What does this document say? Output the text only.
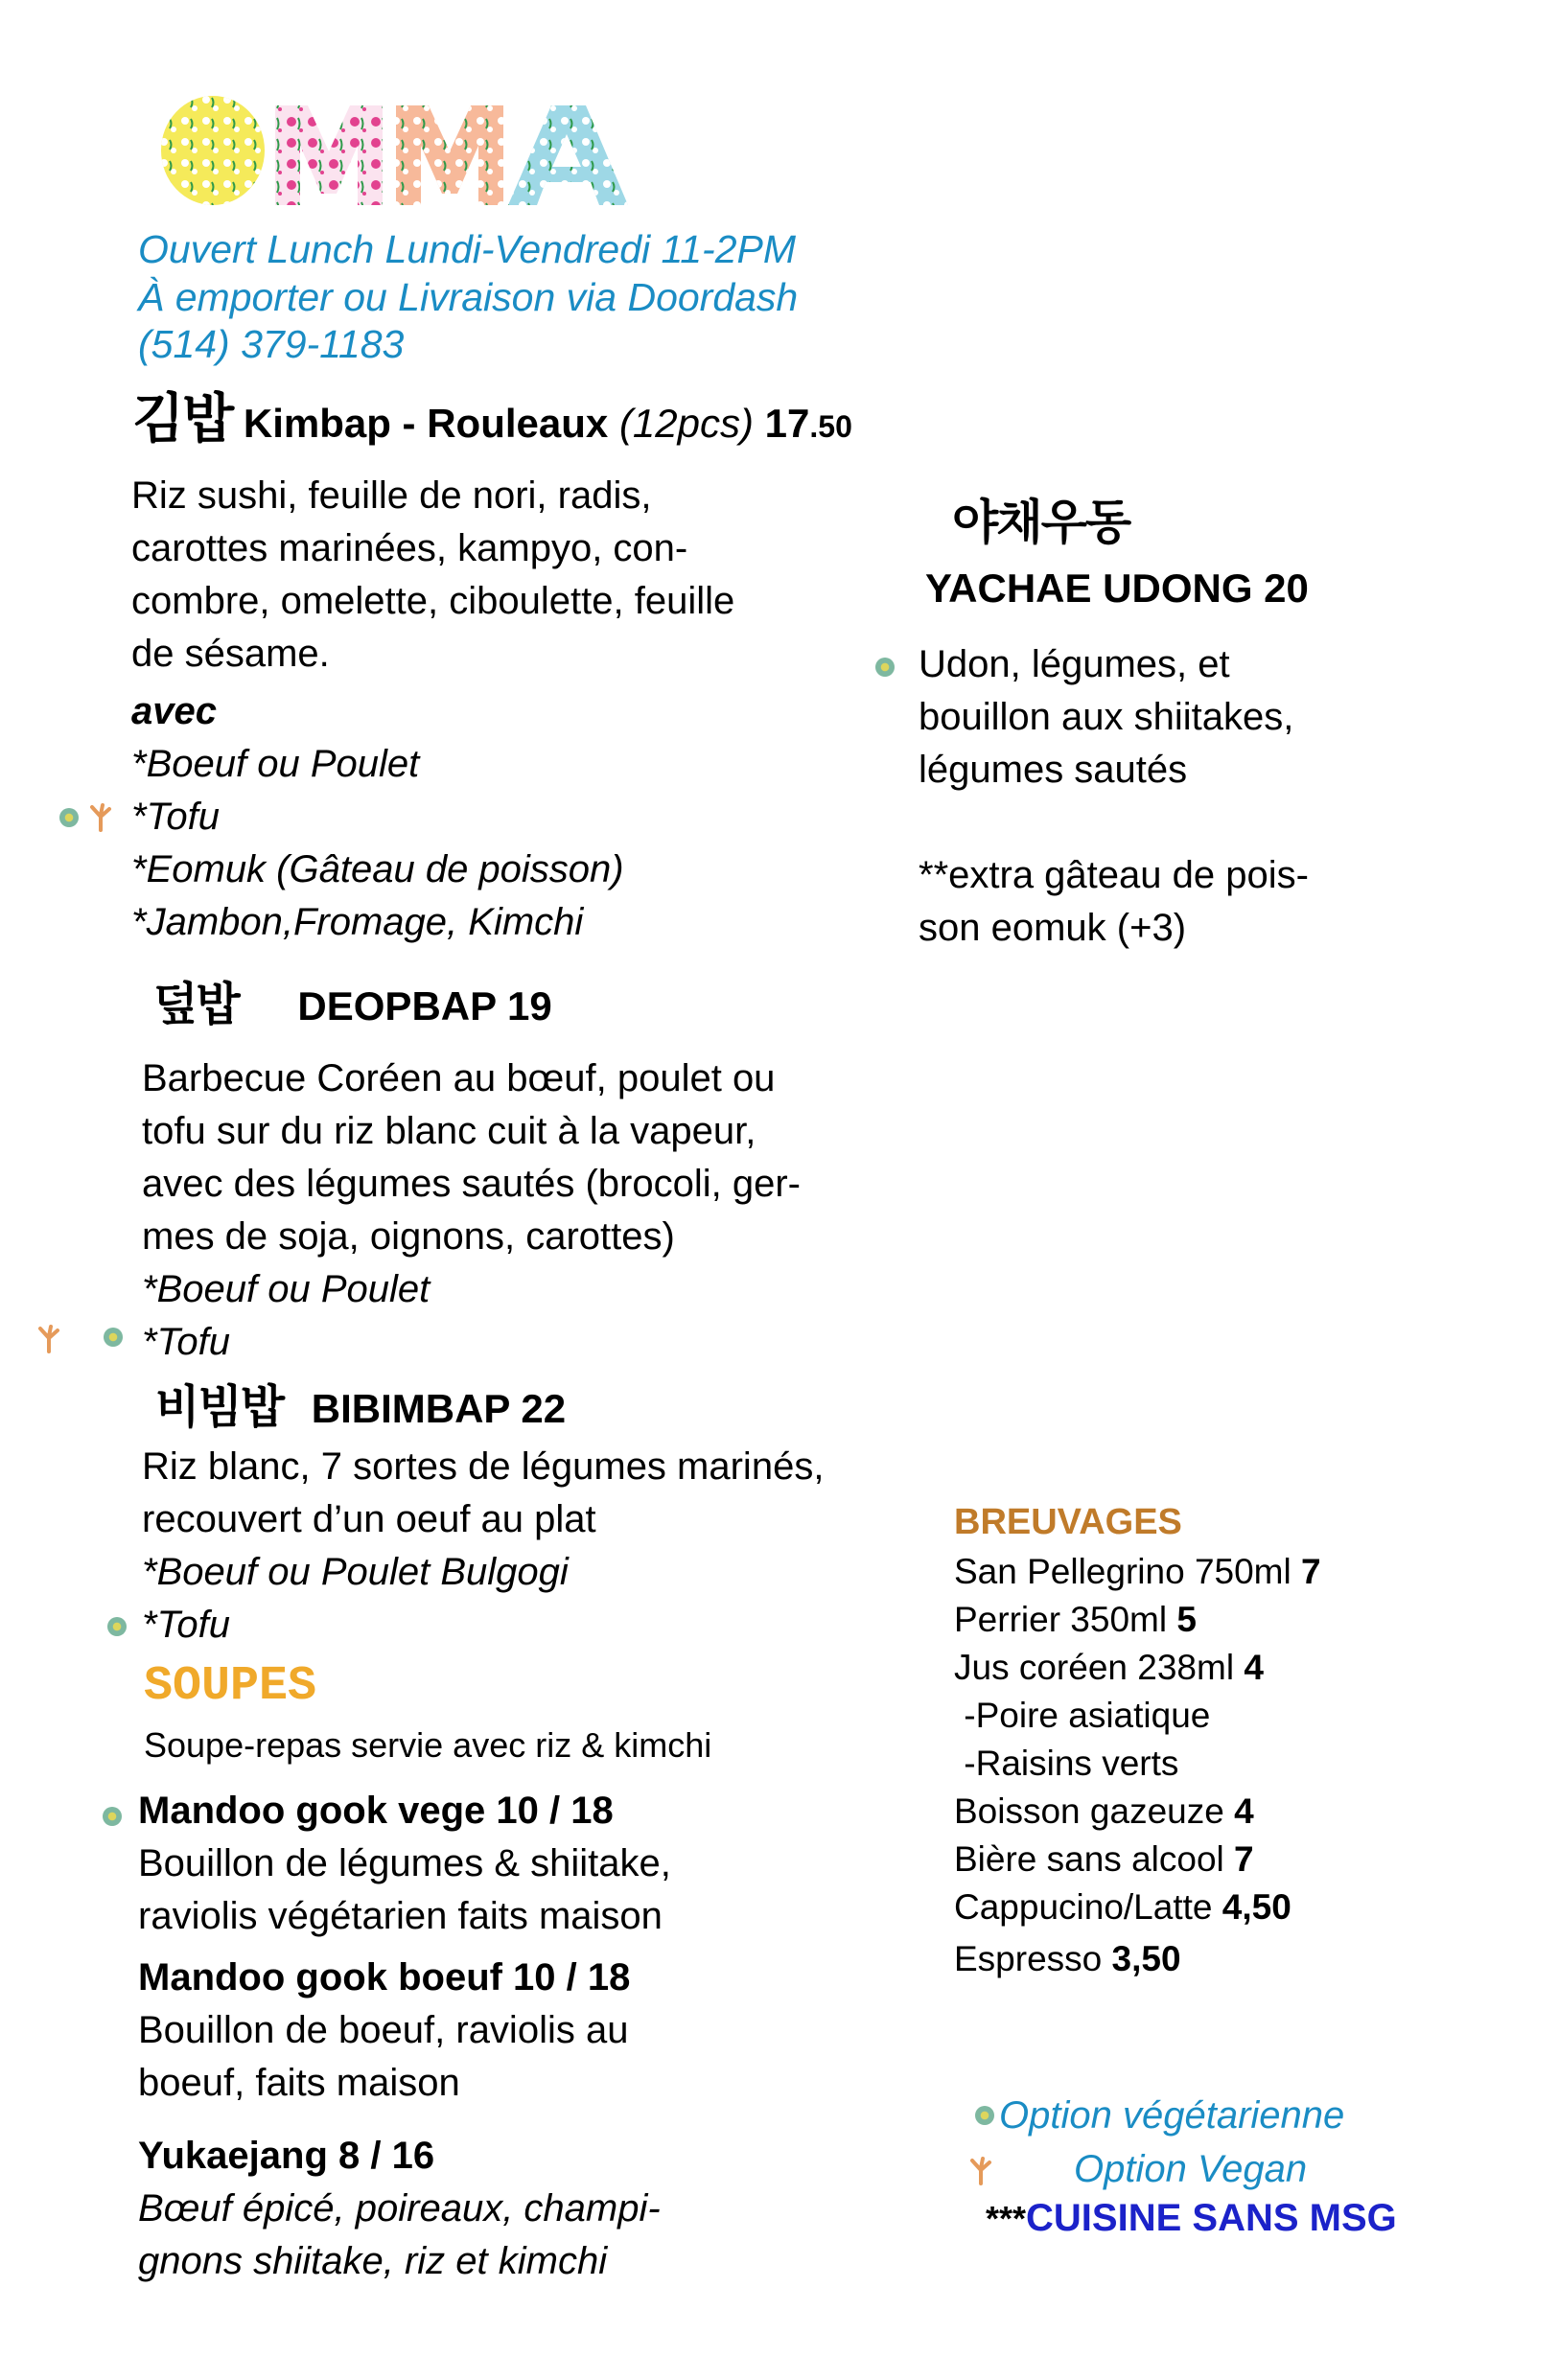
Ouvert Lunch Lundi-Vendredi 11-2PM
À emporter ou Livraison via Doordash
(514) 379-1183
김밥 Kimbap - Rouleaux (12pcs) 17.50
Riz sushi, feuille de nori, radis,
carottes marinées, kampyo, con-
combre, omelette, ciboulette, feuille
de sésame.
avec
*Boeuf ou Poulet
*Tofu
*Eomuk (Gâteau de poisson)
*Jambon,Fromage, Kimchi
야채우동
YACHAE UDONG 20
Udon, légumes, et
bouillon aux shiitakes,
légumes sautés
**extra gâteau de pois-
son eomuk (+3)
덮밥 DEOPBAP 19
Barbecue Coréen au bœuf, poulet ou
tofu sur du riz blanc cuit à la vapeur,
avec des légumes sautés (brocoli, ger-
mes de soja, oignons, carottes)
*Boeuf ou Poulet
*Tofu
비빔밥 BIBIMBAP 22
Riz blanc, 7 sortes de légumes marinés,
recouvert d’un oeuf au plat
*Boeuf ou Poulet Bulgogi
*Tofu
SOUPES
Soupe-repas servie avec riz & kimchi
Mandoo gook vege 10 / 18
Bouillon de légumes & shiitake,
raviolis végétarien faits maison
Mandoo gook boeuf 10 / 18
Bouillon de boeuf, raviolis au
boeuf, faits maison
Yukaejang 8 / 16
Bœuf épicé, poireaux, champi-
gnons shiitake, riz et kimchi
BREUVAGES
San Pellegrino 750ml 7
Perrier 350ml 5
Jus coréen 238ml 4
-Poire asiatique
-Raisins verts
Boisson gazeuze 4
Bière sans alcool 7
Cappucino/Latte 4,50
Espresso 3,50
Option végétarienne
Option Vegan
***CUISINE SANS MSG
